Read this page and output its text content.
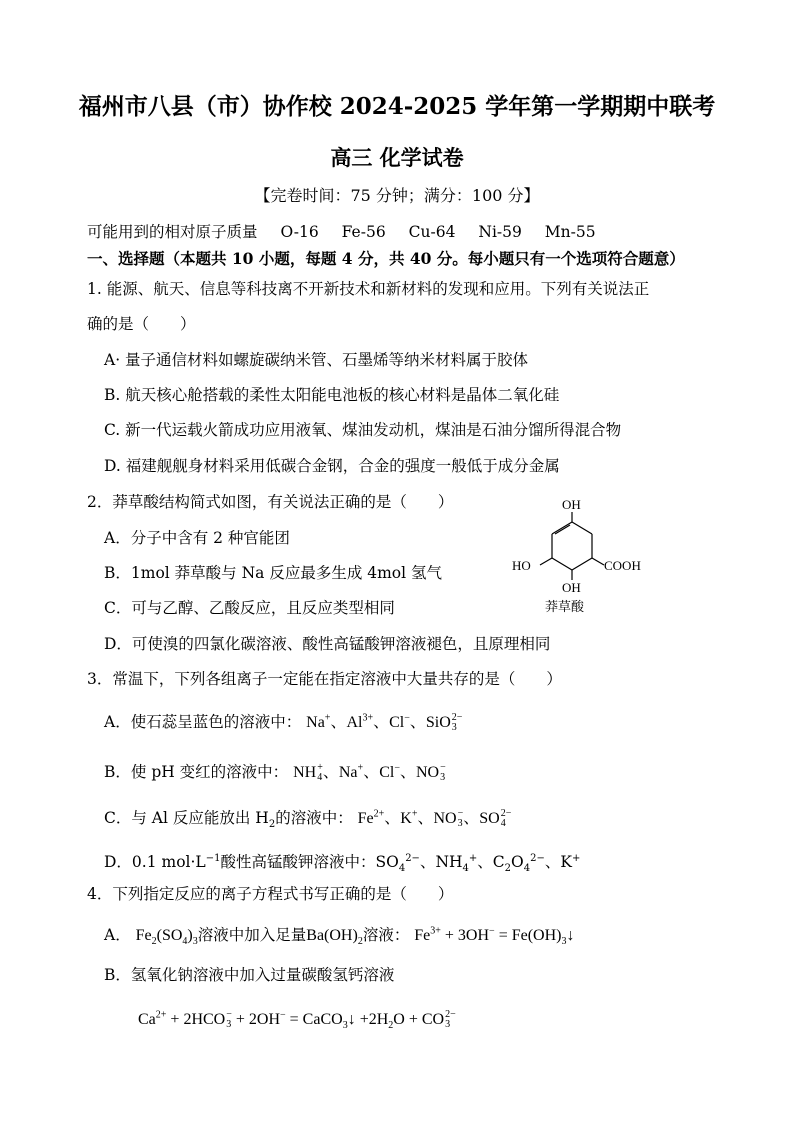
福州市八县（市）协作校 2024-2025 学年第一学期期中联考
高三 化学试卷
【完卷时间：75 分钟；满分：100 分】
可能用到的相对原子质量 O-16 Fe-56 Cu-64 Ni-59 Mn-55
一、选择题（本题共 10 小题，每题 4 分，共 40 分。每小题只有一个选项符合题意）
1. 能源、航天、信息等科技离不开新技术和新材料的发现和应用。下列有关说法正
确的是（　　）
A· 量子通信材料如螺旋碳纳米管、石墨烯等纳米材料属于胶体
B. 航天核心舱搭载的柔性太阳能电池板的核心材料是晶体二氧化硅
C. 新一代运载火箭成功应用液氧、煤油发动机，煤油是石油分馏所得混合物
D. 福建舰舰身材料采用低碳合金钢，合金的强度一般低于成分金属
2．莽草酸结构简式如图，有关说法正确的是（　　）
A．分子中含有 2 种官能团
B．1mol 莽草酸与 Na 反应最多生成 4mol 氢气
C．可与乙醇、乙酸反应，且反应类型相同
D．可使溴的四氯化碳溶液、酸性高锰酸钾溶液褪色，且原理相同
OH
HO	COOH
OH
莽草酸
3．常温下，下列各组离子一定能在指定溶液中大量共存的是（　　）
A．使石蕊呈蓝色的溶液中： Na+、$Al^{3+}$、Cl−、SiO 2−
3
B．使 pH 变红的溶液中： NH +
4 、Na+、Cl−、NO −
3
C．与 Al 反应能放出 $H_2$的溶液中： $Fe^{2+}$、K+、NO −
3 、SO 2−
4
D．0.1 $mol\cdot L^{-1}$酸性高锰酸钾溶液中：$SO_4^{2-}$、$NH_4^+$、$C_2O_4^{2-}$、K+
4．下列指定反应的离子方程式书写正确的是（　　）
A． $Fe_2(SO_4)_3$溶液中加入足量$Ba(OH)_2$溶液： $Fe^{3+} + 3OH^-$ = $Fe(OH)_3↓$
B．氢氧化钠溶液中加入过量碳酸氢钙溶液
$Ca^{2+} + 2HCO$ −
3 + 2OH− = CaCO$_3$↓ $+2H_2O$ + CO 2−
3
